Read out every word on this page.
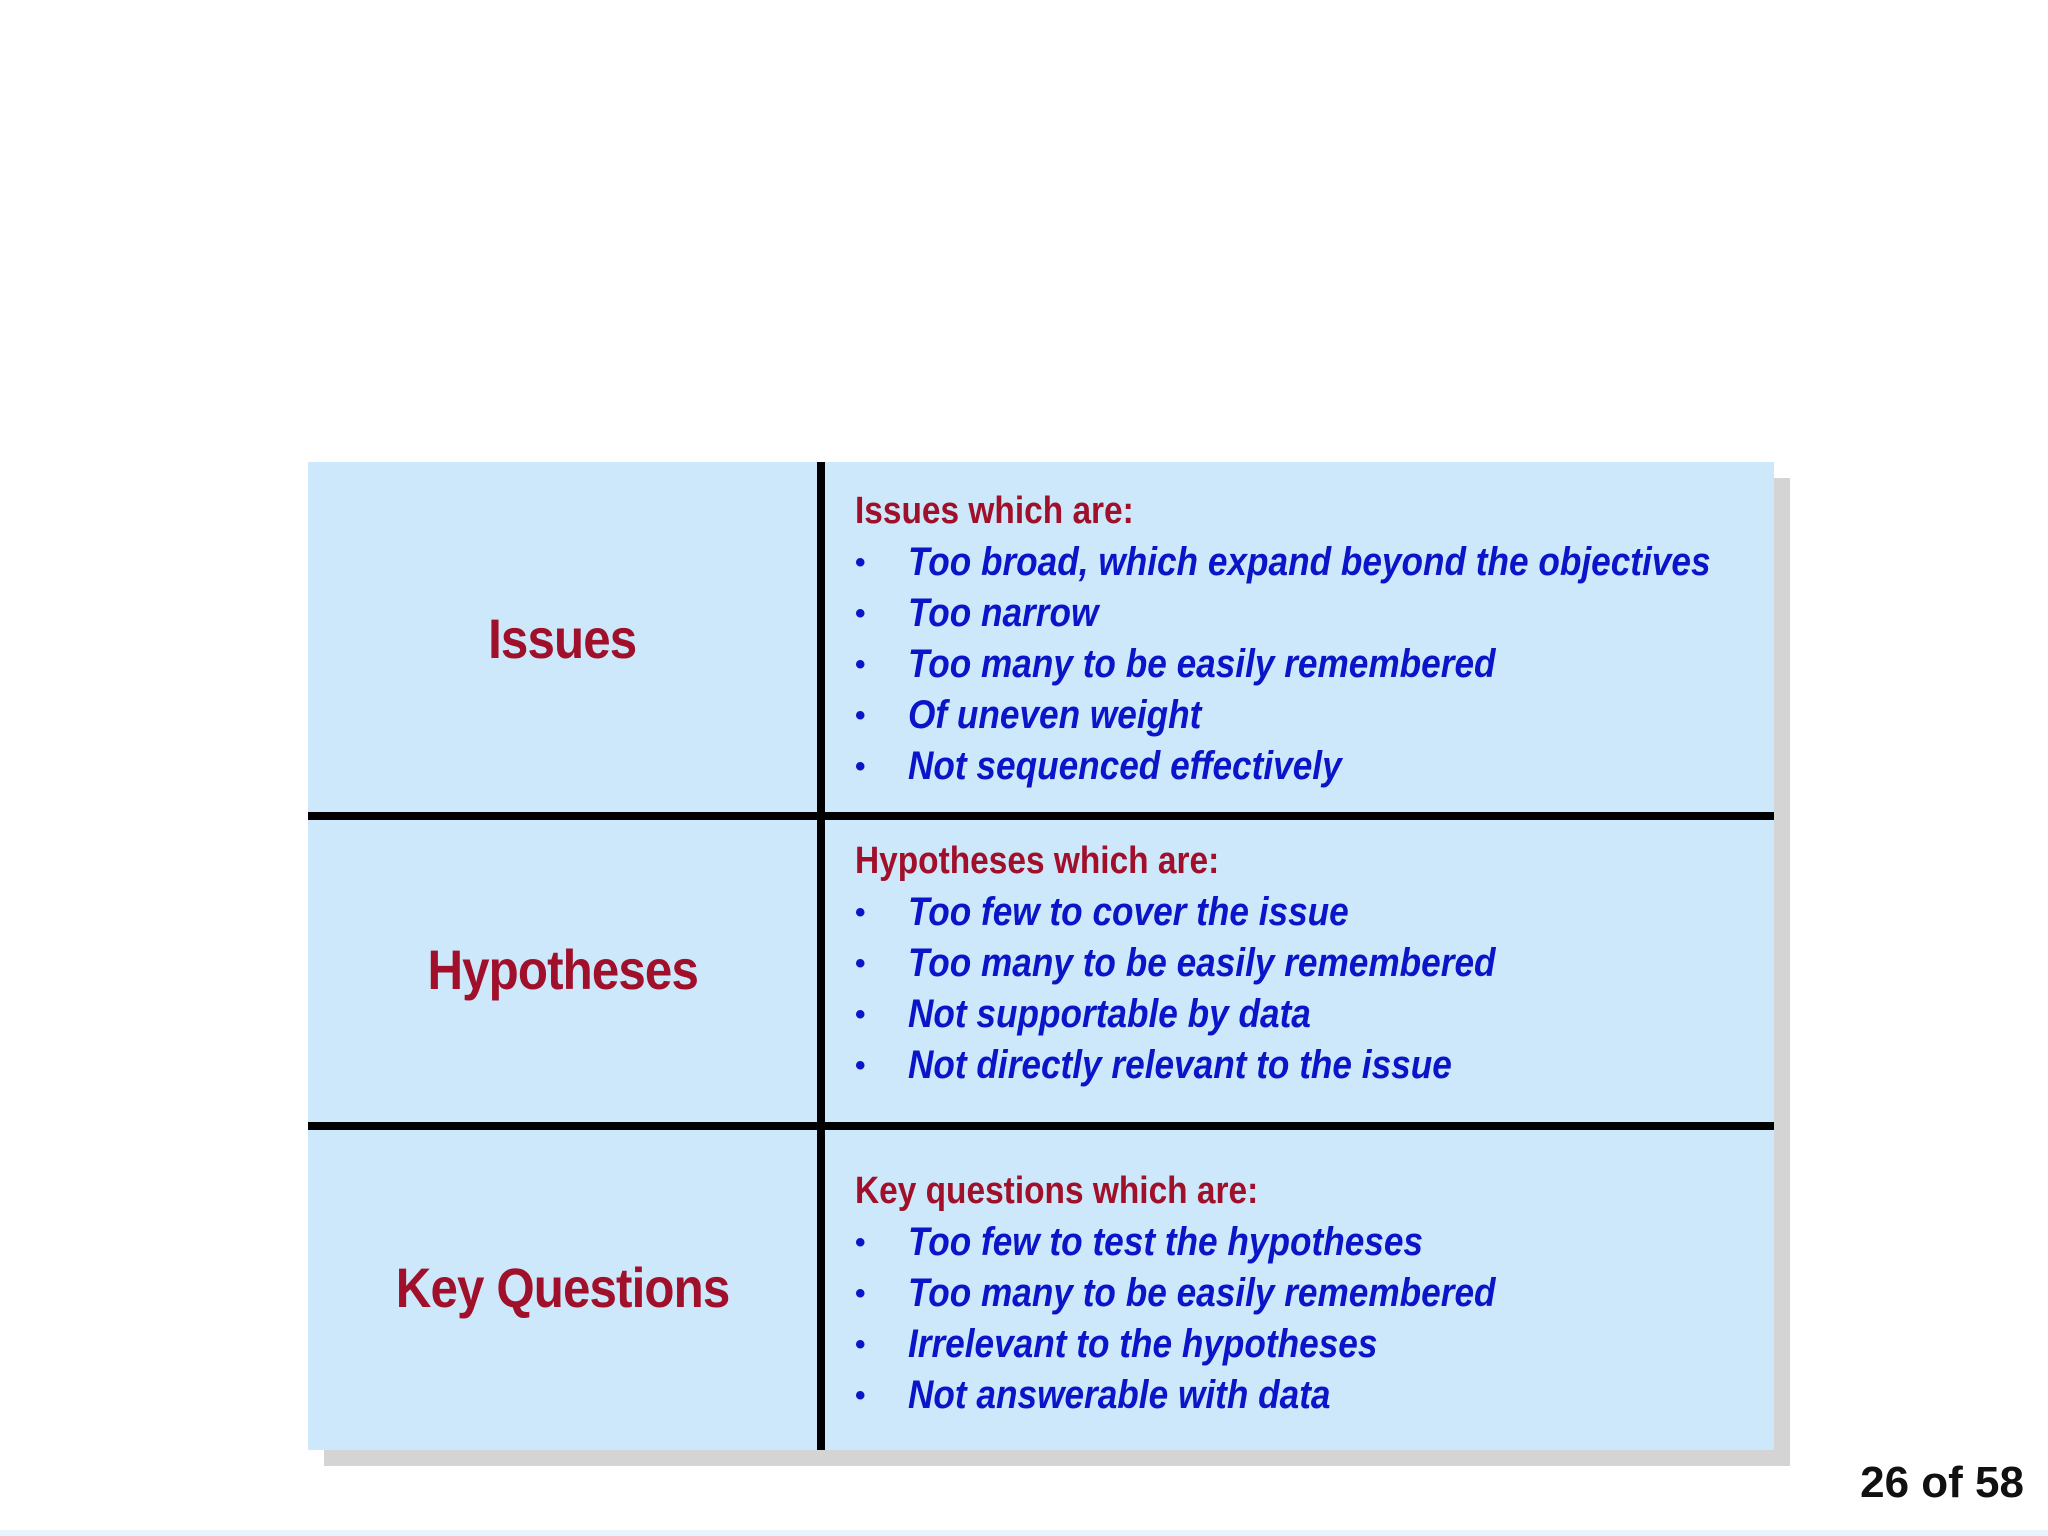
Issues
Issues which are:
• Too broad, which expand beyond the objectives
• Too narrow
• Too many to be easily remembered
• Of uneven weight
• Not sequenced effectively
Hypotheses
Hypotheses which are:
• Too few to cover the issue
• Too many to be easily remembered
• Not supportable by data
• Not directly relevant to the issue
Key Questions
Key questions which are:
• Too few to test the hypotheses
• Too many to be easily remembered
• Irrelevant to the hypotheses
• Not answerable with data
26 of 58
